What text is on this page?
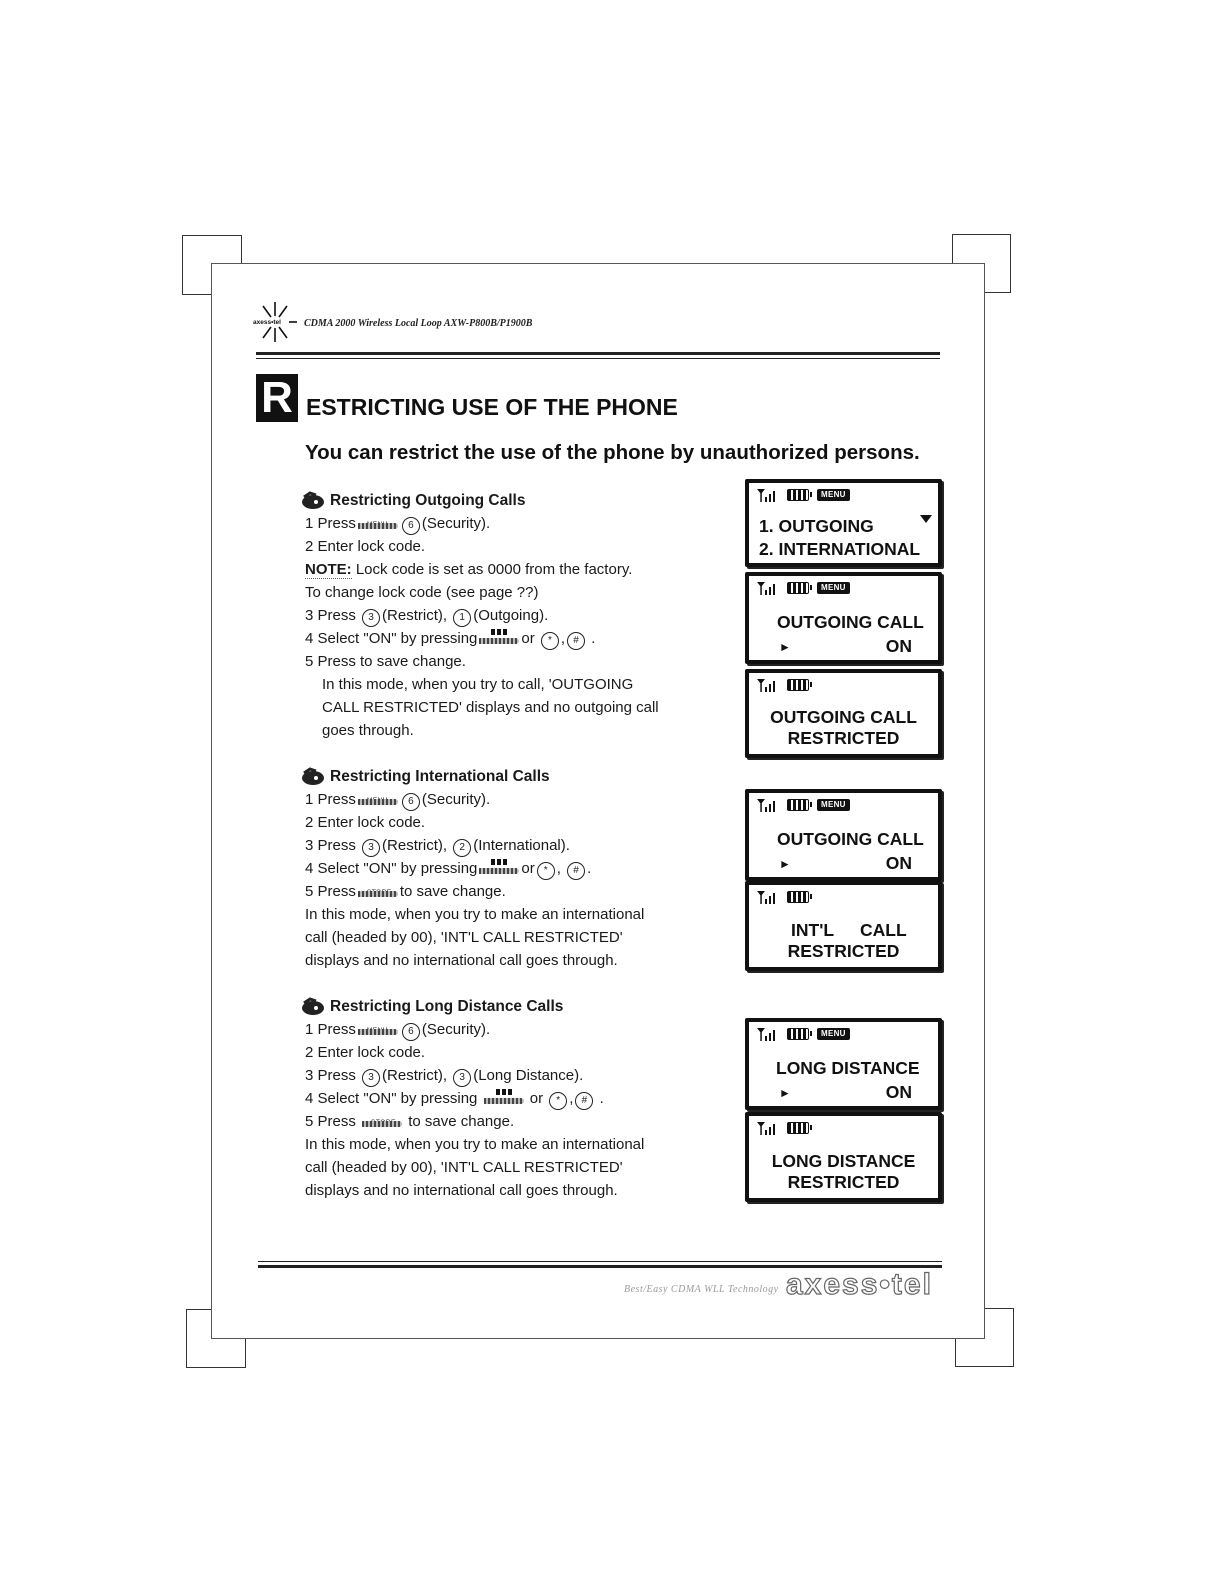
axess•tel CDMA 2000 Wireless Local Loop AXW-P800B/P1900B
R ESTRICTING USE OF THE PHONE
You can restrict the use of the phone by unauthorized persons.
Restricting Outgoing Calls
1 Press	6 (Security).
2 Enter lock code.
NOTE: Lock code is set as 0000 from the factory.
To change lock code (see page ??)
3 Press 3 (Restrict), 1 (Outgoing).
4 Select "ON" by pressing	or * , # .
5 Press to save change.
In this mode, when you try to call, 'OUTGOING
CALL RESTRICTED' displays and no outgoing call
goes through.
Restricting International Calls
1 Press	6 (Security).
2 Enter lock code.
3 Press 3 (Restrict), 2 (International).
4 Select "ON" by pressing	or * , # .
5 Press	to save change.
In this mode, when you try to make an international
call (headed by 00), 'INT'L CALL RESTRICTED'
displays and no international call goes through.
Restricting Long Distance Calls
1 Press	6 (Security).
2 Enter lock code.
3 Press 3 (Restrict), 3 (Long Distance).
4 Select "ON" by pressing	or * , # .
5 Press	to save change.
In this mode, when you try to make an international
call (headed by 00), 'INT'L CALL RESTRICTED'
displays and no international call goes through.
MENU
1. OUTGOING
2. INTERNATIONAL
MENU
OUTGOING CALL
►	ON
OUTGOING CALL
RESTRICTED
MENU
OUTGOING CALL
►	ON
INT'L CALL
RESTRICTED
MENU
LONG DISTANCE
►	ON
LONG DISTANCE
RESTRICTED
Best/Easy CDMA WLL Technology axess•tel
